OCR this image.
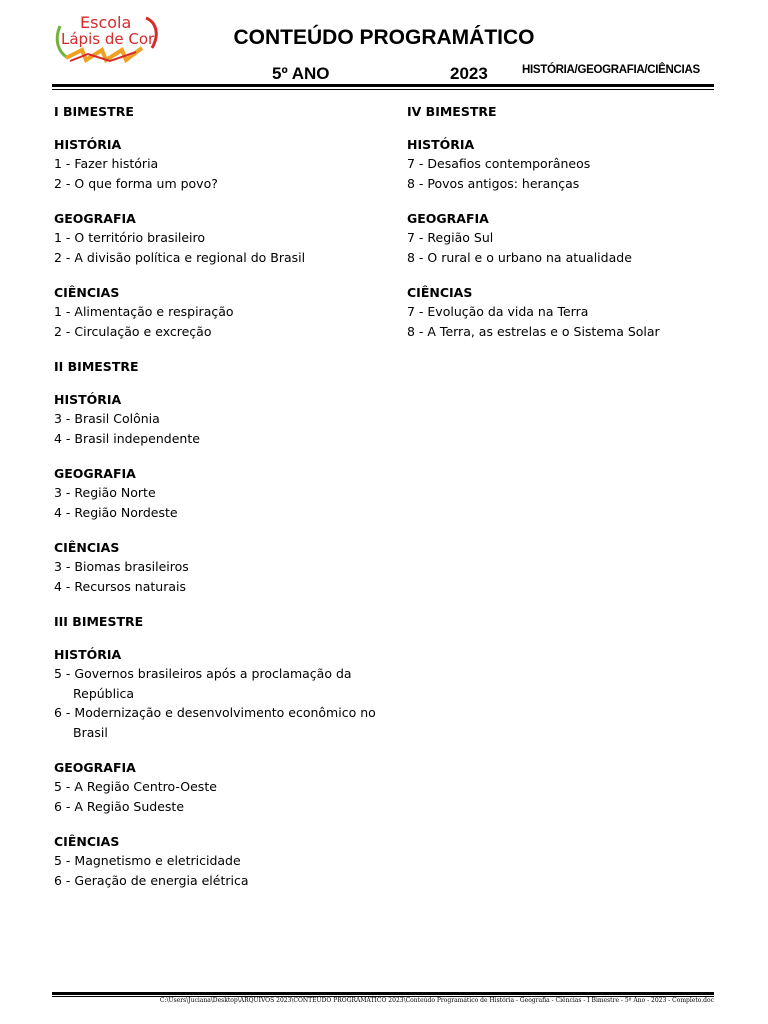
Escola
Lápis de Cor	CONTEÚDO PROGRAMÁTICO
5º ANO	2023	HISTÓRIA/GEOGRAFIA/CIÊNCIAS
I BIMESTRE
HISTÓRIA
1 - Fazer história
2 - O que forma um povo?
GEOGRAFIA
1 - O território brasileiro
2 - A divisão política e regional do Brasil
CIÊNCIAS
1 - Alimentação e respiração
2 - Circulação e excreção
II BIMESTRE
HISTÓRIA
3 - Brasil Colônia
4 - Brasil independente
GEOGRAFIA
3 - Região Norte
4 - Região Nordeste
CIÊNCIAS
3 - Biomas brasileiros
4 - Recursos naturais
III BIMESTRE
HISTÓRIA
5 - Governos brasileiros após a proclamação da República
6 - Modernização e desenvolvimento econômico no Brasil
GEOGRAFIA
5 - A Região Centro-Oeste
6 - A Região Sudeste
CIÊNCIAS
5 - Magnetismo e eletricidade
6 - Geração de energia elétrica
IV BIMESTRE
HISTÓRIA
7 - Desafios contemporâneos
8 - Povos antigos: heranças
GEOGRAFIA
7 - Região Sul
8 - O rural e o urbano na atualidade
CIÊNCIAS
7 - Evolução da vida na Terra
8 - A Terra, as estrelas e o Sistema Solar
C:\Users\Juciana\Desktop\ARQUIVOS 2023\CONTEÚDO PROGRAMÁTICO 2023\Conteúdo Programático de História - Geografia - Ciências - I Bimestre - 5º Ano - 2023 - Completo.doc
